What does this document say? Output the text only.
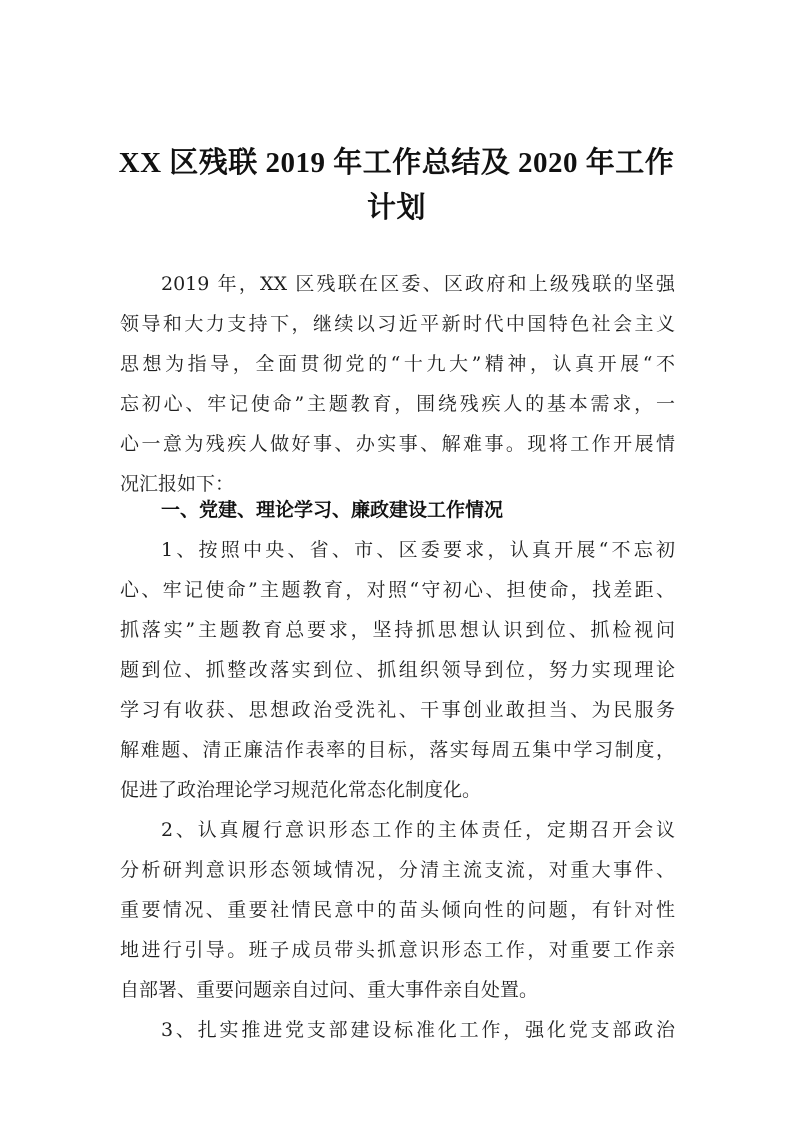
XX 区残联 2019 年工作总结及 2020 年工作
计划
2019 年，XX 区残联在区委、区政府和上级残联的坚强
领导和大力支持下，继续以习近平新时代中国特色社会主义
思想为指导，全面贯彻党的“十九大”精神，认真开展“不
忘初心、牢记使命”主题教育，围绕残疾人的基本需求，一
心一意为残疾人做好事、办实事、解难事。现将工作开展情
况汇报如下：
一、党建、理论学习、廉政建设工作情况
1、按照中央、省、市、区委要求，认真开展“不忘初
心、牢记使命”主题教育，对照“守初心、担使命，找差距、
抓落实”主题教育总要求，坚持抓思想认识到位、抓检视问
题到位、抓整改落实到位、抓组织领导到位，努力实现理论
学习有收获、思想政治受洗礼、干事创业敢担当、为民服务
解难题、清正廉洁作表率的目标，落实每周五集中学习制度，
促进了政治理论学习规范化常态化制度化。
2、认真履行意识形态工作的主体责任，定期召开会议
分析研判意识形态领域情况，分清主流支流，对重大事件、
重要情况、重要社情民意中的苗头倾向性的问题，有针对性
地进行引导。班子成员带头抓意识形态工作，对重要工作亲
自部署、重要问题亲自过问、重大事件亲自处置。
3、扎实推进党支部建设标准化工作，强化党支部政治
